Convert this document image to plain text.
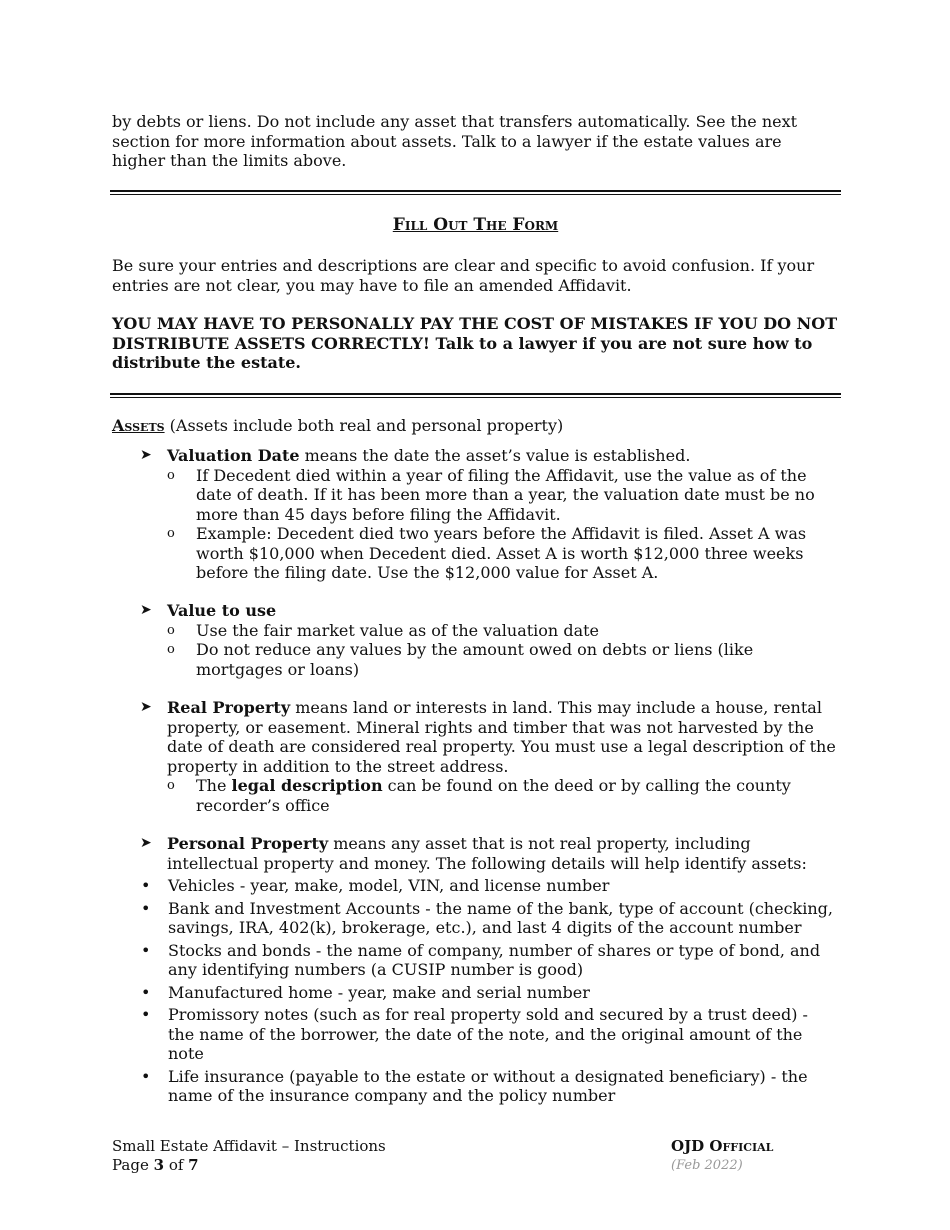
by debts or liens. Do not include any asset that transfers automatically. See the next section for more information about assets. Talk to a lawyer if the estate values are higher than the limits above.

Fill Out The Form

Be sure your entries and descriptions are clear and specific to avoid confusion. If your entries are not clear, you may have to file an amended Affidavit.

YOU MAY HAVE TO PERSONALLY PAY THE COST OF MISTAKES IF YOU DO NOT DISTRIBUTE ASSETS CORRECTLY! Talk to a lawyer if you are not sure how to distribute the estate.

Assets (Assets include both real and personal property)

➤ Valuation Date means the date the asset’s value is established.
o If Decedent died within a year of filing the Affidavit, use the value as of the date of death. If it has been more than a year, the valuation date must be no more than 45 days before filing the Affidavit.
o Example: Decedent died two years before the Affidavit is filed. Asset A was worth $10,000 when Decedent died. Asset A is worth $12,000 three weeks before the filing date. Use the $12,000 value for Asset A.
➤ Value to use
o Use the fair market value as of the valuation date
o Do not reduce any values by the amount owed on debts or liens (like mortgages or loans)
➤ Real Property means land or interests in land. This may include a house, rental property, or easement. Mineral rights and timber that was not harvested by the date of death are considered real property. You must use a legal description of the property in addition to the street address.
o The legal description can be found on the deed or by calling the county recorder’s office
➤ Personal Property means any asset that is not real property, including intellectual property and money. The following details will help identify assets:
• Vehicles - year, make, model, VIN, and license number
• Bank and Investment Accounts - the name of the bank, type of account (checking, savings, IRA, 402(k), brokerage, etc.), and last 4 digits of the account number
• Stocks and bonds - the name of company, number of shares or type of bond, and any identifying numbers (a CUSIP number is good)
• Manufactured home - year, make and serial number
• Promissory notes (such as for real property sold and secured by a trust deed) - the name of the borrower, the date of the note, and the original amount of the note
• Life insurance (payable to the estate or without a designated beneficiary) - the name of the insurance company and the policy number
Small Estate Affidavit – Instructions
Page 3 of 7
OJD Official
(Feb 2022)
